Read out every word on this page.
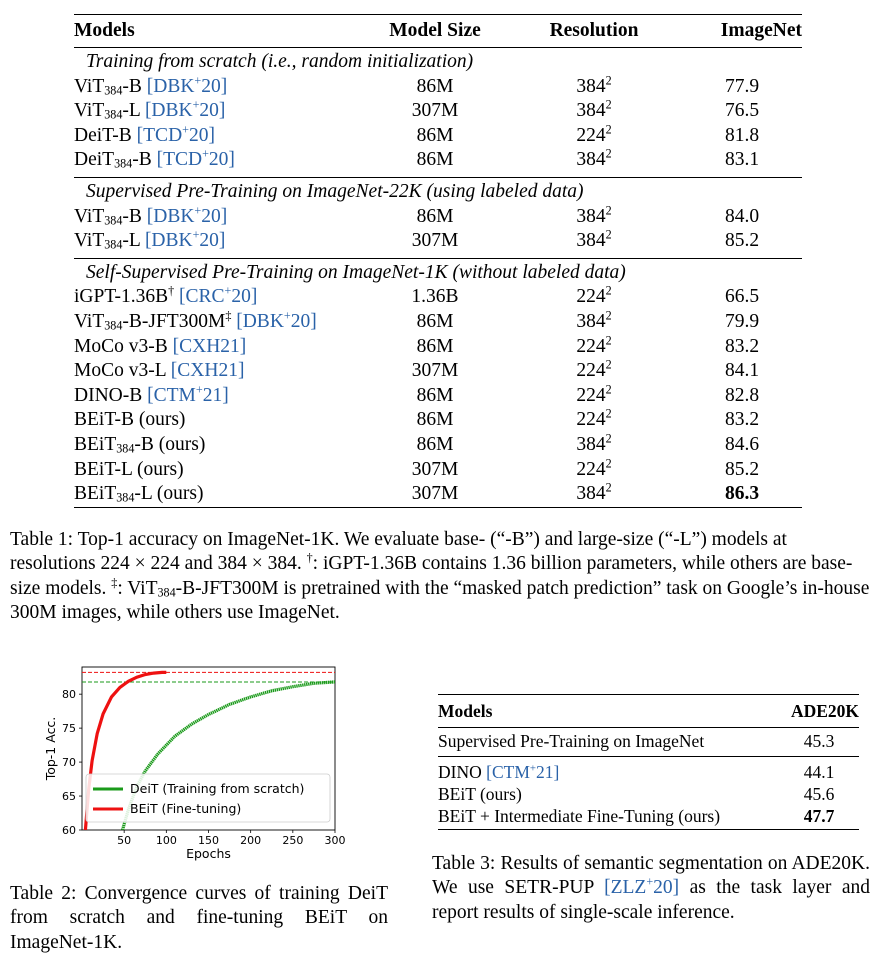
Models	Model Size	Resolution	ImageNet
Training from scratch (i.e., random initialization)
ViT$_{384}$-B [DBK+20]	86M	$384^2$	77.9
ViT$_{384}$-L [DBK+20]	307M	$384^2$	76.5
DeiT-B [TCD+20]	86M	$224^2$	81.8
DeiT$_{384}$-B [TCD+20]	86M	$384^2$	83.1
Supervised Pre-Training on ImageNet-22K (using labeled data)
ViT$_{384}$-B [DBK+20]	86M	$384^2$	84.0
ViT$_{384}$-L [DBK+20]	307M	$384^2$	85.2
Self-Supervised Pre-Training on ImageNet-1K (without labeled data)
iGPT-1.36B† [CRC+20]	1.36B	$224^2$	66.5
ViT$_{384}$-B-JFT300M‡ [DBK+20]	86M	$384^2$	79.9
MoCo v3-B [CXH21]	86M	$224^2$	83.2
MoCo v3-L [CXH21]	307M	$224^2$	84.1
DINO-B [CTM+21]	86M	$224^2$	82.8
BEiT-B (ours)	86M	$224^2$	83.2
BEiT$_{384}$-B (ours)	86M	$384^2$	84.6
BEiT-L (ours)	307M	$224^2$	85.2
BEiT$_{384}$-L (ours)	307M	$384^2$	86.3
Table 1: Top-1 accuracy on ImageNet-1K. We evaluate base- (“-B”) and large-size (“-L”) models at resolutions 224 × 224 and 384 × 384. †: iGPT-1.36B contains 1.36 billion parameters, while others are base-size models. ‡: ViT$_{384}$-B-JFT300M is pretrained with the “masked patch prediction” task on Google’s in-house 300M images, while others use ImageNet.
50 100 150 200 250 300
60
65
70
75
80
Epochs
Top-1 Acc.
DeiT (Training from scratch)
BEiT (Fine-tuning)
Table 2: Convergence curves of training DeiT from scratch and fine-tuning BEiT on ImageNet-1K.
Models	ADE20K
Supervised Pre-Training on ImageNet	45.3
DINO [CTM+21]	44.1
BEiT (ours)	45.6
BEiT + Intermediate Fine-Tuning (ours)	47.7
Table 3: Results of semantic segmentation on ADE20K. We use SETR-PUP [ZLZ+20] as the task layer and report results of single-scale inference.
